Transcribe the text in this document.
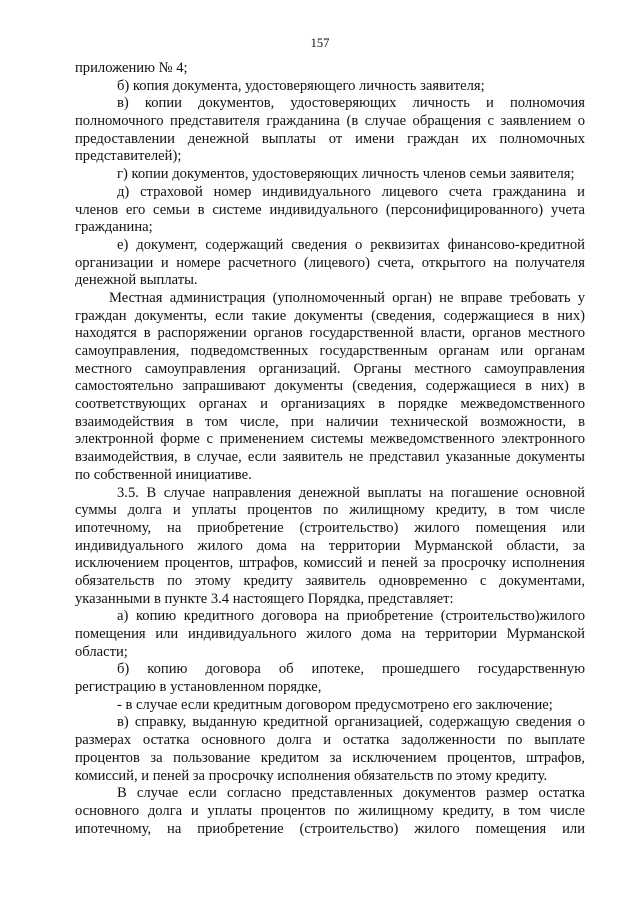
157
приложению № 4;
б) копия документа, удостоверяющего личность заявителя;
в) копии документов, удостоверяющих личность и полномочия
полномочного представителя гражданина (в случае обращения с заявлением о
предоставлении денежной выплаты от имени граждан их полномочных
представителей);
г) копии документов, удостоверяющих личность членов семьи заявителя;
д) страховой номер индивидуального лицевого счета гражданина и
членов его семьи в системе индивидуального (персонифицированного) учета
гражданина;
е) документ, содержащий сведения о реквизитах финансово-кредитной
организации и номере расчетного (лицевого) счета, открытого на получателя
денежной выплаты.
Местная администрация (уполномоченный орган) не вправе требовать у
граждан документы, если такие документы (сведения, содержащиеся в них)
находятся в распоряжении органов государственной власти, органов местного
самоуправления, подведомственных государственным органам или органам
местного самоуправления организаций. Органы местного самоуправления
самостоятельно запрашивают документы (сведения, содержащиеся в них) в
соответствующих органах и организациях в порядке межведомственного
взаимодействия в том числе, при наличии технической возможности, в
электронной форме с применением системы межведомственного электронного
взаимодействия, в случае, если заявитель не представил указанные документы
по собственной инициативе.
3.5. В случае направления денежной выплаты на погашение основной
суммы долга и уплаты процентов по жилищному кредиту, в том числе
ипотечному, на приобретение (строительство) жилого помещения или
индивидуального жилого дома на территории Мурманской области, за
исключением процентов, штрафов, комиссий и пеней за просрочку исполнения
обязательств по этому кредиту заявитель одновременно с документами,
указанными в пункте 3.4 настоящего Порядка, представляет:
а) копию кредитного договора на приобретение (строительство)жилого
помещения или индивидуального жилого дома на территории Мурманской
области;
б) копию договора об ипотеке, прошедшего государственную
регистрацию в установленном порядке,
- в случае если кредитным договором предусмотрено его заключение;
в) справку, выданную кредитной организацией, содержащую сведения о
размерах остатка основного долга и остатка задолженности по выплате
процентов за пользование кредитом за исключением процентов, штрафов,
комиссий, и пеней за просрочку исполнения обязательств по этому кредиту.
В случае если согласно представленных документов размер остатка
основного долга и уплаты процентов по жилищному кредиту, в том числе
ипотечному, на приобретение (строительство) жилого помещения или
